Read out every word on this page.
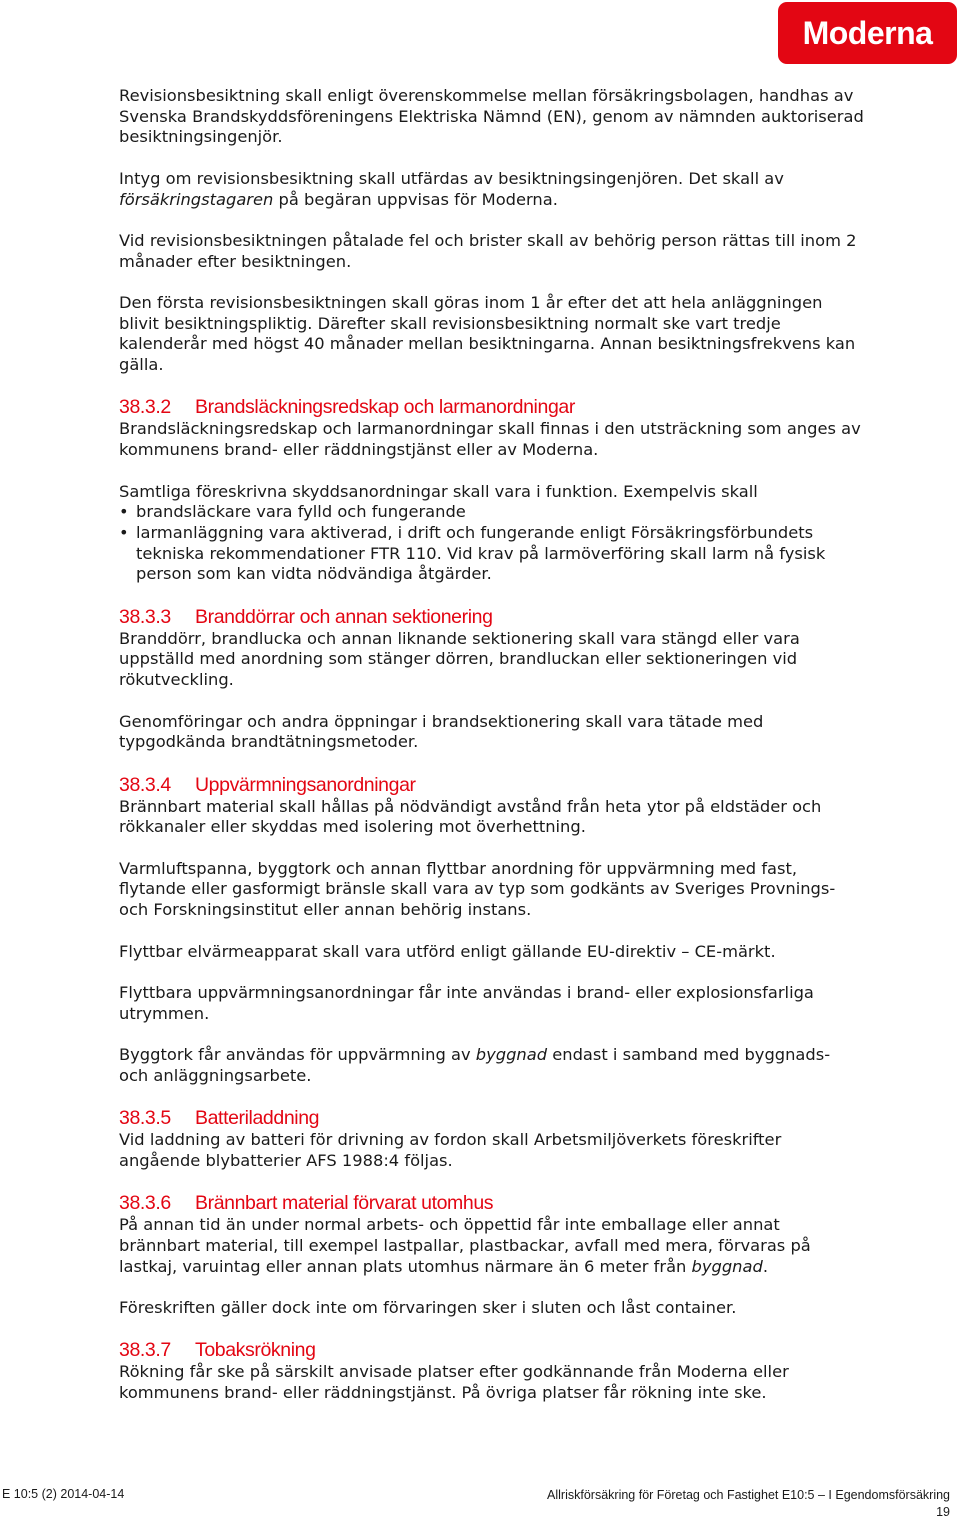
Moderna

Revisionsbesiktning skall enligt överenskommelse mellan försäkringsbolagen, handhas av Svenska Brandskyddsföreningens Elektriska Nämnd (EN), genom av nämnden auktoriserad besiktningsingenjör.

Intyg om revisionsbesiktning skall utfärdas av besiktningsingenjören. Det skall av försäkringstagaren på begäran uppvisas för Moderna.

Vid revisionsbesiktningen påtalade fel och brister skall av behörig person rättas till inom 2 månader efter besiktningen.

Den första revisionsbesiktningen skall göras inom 1 år efter det att hela anläggningen blivit besiktningspliktig. Därefter skall revisionsbesiktning normalt ske vart tredje kalenderår med högst 40 månader mellan besiktningarna. Annan besiktningsfrekvens kan gälla.

38.3.2	Brandsläckningsredskap och larmanordningar

Brandsläckningsredskap och larmanordningar skall finnas i den utsträckning som anges av kommunens brand- eller räddningstjänst eller av Moderna.

Samtliga föreskrivna skyddsanordningar skall vara i funktion. Exempelvis skall

• brandsläckare vara fylld och fungerande
• larmanläggning vara aktiverad, i drift och fungerande enligt Försäkringsförbundets tekniska rekommendationer FTR 110. Vid krav på larmöverföring skall larm nå fysisk person som kan vidta nödvändiga åtgärder.
38.3.3	Branddörrar och annan sektionering

Branddörr, brandlucka och annan liknande sektionering skall vara stängd eller vara uppställd med anordning som stänger dörren, brandluckan eller sektioneringen vid rökutveckling.

Genomföringar och andra öppningar i brandsektionering skall vara tätade med typgodkända brandtätningsmetoder.

38.3.4	Uppvärmningsanordningar

Brännbart material skall hållas på nödvändigt avstånd från heta ytor på eldstäder och rökkanaler eller skyddas med isolering mot överhettning.

Varmluftspanna, byggtork och annan flyttbar anordning för uppvärmning med fast, flytande eller gasformigt bränsle skall vara av typ som godkänts av Sveriges Provnings- och Forskningsinstitut eller annan behörig instans.

Flyttbar elvärmeapparat skall vara utförd enligt gällande EU-direktiv – CE-märkt.

Flyttbara uppvärmningsanordningar får inte användas i brand- eller explosionsfarliga utrymmen.

Byggtork får användas för uppvärmning av byggnad endast i samband med byggnads- och anläggningsarbete.

38.3.5	Batteriladdning

Vid laddning av batteri för drivning av fordon skall Arbetsmiljöverkets föreskrifter angående blybatterier AFS 1988:4 följas.

38.3.6	Brännbart material förvarat utomhus

På annan tid än under normal arbets- och öppettid får inte emballage eller annat brännbart material, till exempel lastpallar, plastbackar, avfall med mera, förvaras på lastkaj, varuintag eller annan plats utomhus närmare än 6 meter från byggnad.

Föreskriften gäller dock inte om förvaringen sker i sluten och låst container.

38.3.7	Tobaksrökning

Rökning får ske på särskilt anvisade platser efter godkännande från Moderna eller kommunens brand- eller räddningstjänst. På övriga platser får rökning inte ske.

E 10:5 (2) 2014-04-14	Allriskförsäkring för Företag och Fastighet E10:5 – I Egendomsförsäkring
19
